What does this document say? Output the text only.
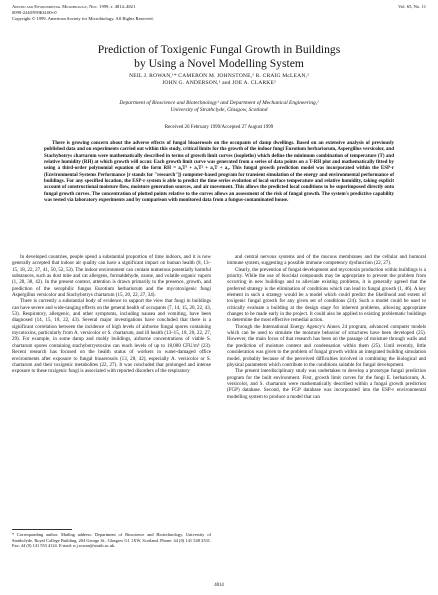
Applied and Environmental Microbiology, Nov. 1999, p. 4814–4821
0099-2240/99/$04.00+0
Copyright © 1999, American Society for Microbiology. All Rights Reserved.
Vol. 65, No. 11
Prediction of Toxigenic Fungal Growth in Buildings
by Using a Novel Modelling System
NEIL J. ROWAN,¹* CAMERON M. JOHNSTONE,² R. CRAIG McLEAN,²
JOHN G. ANDERSON,¹ and JOE A. CLARKE²
Department of Bioscience and Biotechnology¹ and Department of Mechanical Engineering,²
University of Strathclyde, Glasgow, Scotland
Received 26 February 1999/Accepted 27 August 1999
There is growing concern about the adverse effects of fungal bioaerosols on the occupants of damp dwellings. Based on an extensive analysis of previously published data and on experiments carried out within this study, critical limits for the growth of the indoor fungi Eurotium herbariorum, Aspergillus versicolor, and Stachybotrys chartarum were mathematically described in terms of growth limit curves (isopleths) which define the minimum combination of temperature (T) and relative humidity (RH) at which growth will occur. Each growth limit curve was generated from a series of data points on a T-RH plot and mathematically fitted by using a third-order polynomial equation of the form RH = a₀T³ + a₁T² + a₂T + a₃. This fungal growth prediction model was incorporated within the ESP-r (Environmental Systems Performance [r stands for "research"]) computer-based program for transient simulation of the energy and environmental performance of buildings. For any specified location, the ESP-r system is able to predict the time series evolution of local surface temperature and relative humidity, taking explicit account of constructional moisture flow, moisture generation sources, and air movement. This allows the predicted local conditions to be superimposed directly onto fungal growth curves. The concentration of plotted points relative to the curves allows an assessment of the risk of fungal growth. The system's predictive capability was tested via laboratory experiments and by comparison with monitored data from a fungus-contaminated house.

In developed countries, people spend a substantial proportion of time indoors, and it is now generally accepted that indoor air quality can have a significant impact on human health (8, 13–15, 18, 22, 27, 41, 50, 52, 53). The indoor environment can contain numerous potentially harmful substances, such as dust mite and cat allergens, formaldehyde, ozone, and volatile organic vapors (1, 28, 38, 42). In the present context, attention is drawn primarily to the presence, growth, and prediction of the xerophilic fungus Eurotium herbariorum and the mycotoxigenic fungi Aspergillus versicolor and Stachybotrys chartarum (15, 20, 22, 27, 34).

There is currently a substantial body of evidence to support the view that fungi in buildings can have severe and wide-ranging effects on the general health of occupants (7, 14, 15, 20, 22, 43, 53). Respiratory, allergenic, and other symptoms, including nausea and vomiting, have been diagnosed (14, 15, 18, 22, 43). Several major investigations have concluded that there is a significant correlation between the incidence of high levels of airborne fungal spores containing mycotoxins, particularly from A. versicolor or S. chartarum, and ill health (13–15, 18, 20, 22, 27, 29). For example, in some damp and moldy buildings, airborne concentrations of viable S. chartarum spores containing stachybotryotoxins can reach levels of up to 18,000 CFU/m³ (23). Recent research has focused on the health status of workers in water-damaged office environments after exposure to fungal bioaerosols (13, 28, 42), especially A. versicolor or S. chartarum and their toxigenic metabolites (22, 27). It was concluded that prolonged and intense exposure to these toxigenic fungi is associated with reported disorders of the respiratory

and central nervous systems and of the mucous membranes and the cellular and humoral immune system, suggesting a possible immune competency dysfunction (22, 27).

Clearly, the prevention of fungal development and mycotoxin production within buildings is a priority. While the use of biocidal compounds may be appropriate to prevent the problem from occurring in new buildings and to alleviate existing problems, it is generally agreed that the preferred strategy is the elimination of conditions which can lead to fungal growth (1, 46). A key element in such a strategy would be a model which could predict the likelihood and extent of toxigenic fungal growth for any given set of conditions (24). Such a model could be used to critically evaluate a building at the design stage for inherent problems, allowing appropriate changes to be made early in the project. It could also be applied to existing problematic buildings to determine the most effective remedial action.

Through the International Energy Agency's Annex 24 program, advanced computer models which can be used to simulate the moisture behavior of structures have been developed (25). However, the main focus of that research has been on the passage of moisture through walls and the prediction of moisture content and condensation within them (25). Until recently, little consideration was given to the problem of fungal growth within an integrated building simulation model, probably because of the perceived difficulties involved in combining the biological and physical parameters which contribute to the conditions suitable for fungal development.

The present interdisciplinary study was undertaken to develop a prototype fungal prediction program for the built environment. First, growth limit curves for the fungi E. herbariorum, A. versicolor, and S. chartarum were mathematically described within a fungal growth prediction (FGP) database. Second, the FGP database was incorporated into the ESP-r environmental modelling system to produce a model that can

* Corresponding author. Mailing address: Department of Bioscience and Biotechnology, University of Strathclyde, Royal College Building, 204 George St., Glasgow G1 1XW, Scotland. Phone: 44 (0) 141 548 2531. Fax: 44 (0) 141 553 4124. E-mail: n.j.rowan@strath.ac.uk.
4814
